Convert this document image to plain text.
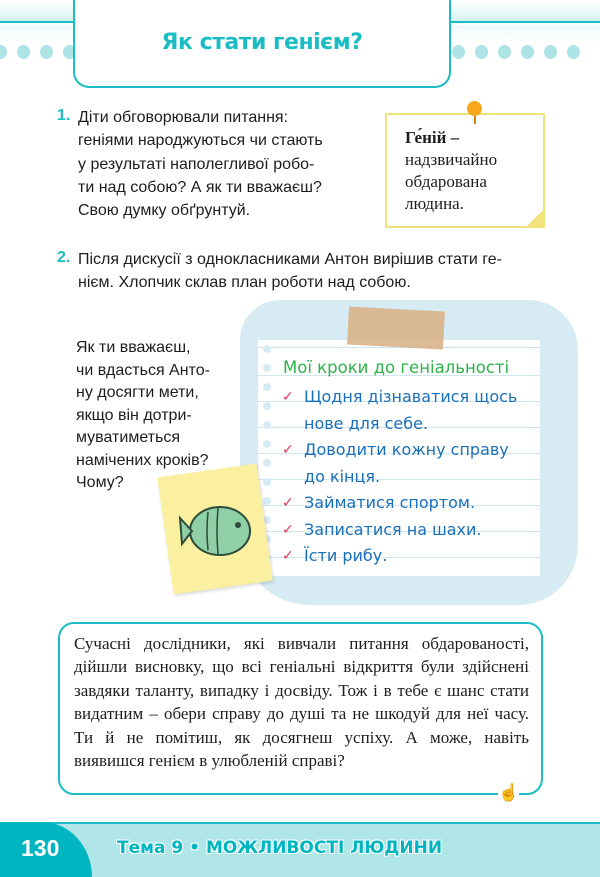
Як стати генієм?
1. Діти обговорювали питання:
геніями народжуються чи стають
у результаті наполегливої робо-
ти над собою? А як ти вважаєш?
Свою думку обґрунтуй.
Ге́ній –
надзвичайно
обдарована
людина.
2. Після дискусії з однокласниками Антон вирішив стати ге-
нієм. Хлопчик склав план роботи над собою.
Як ти вважаєш,
чи вдасться Анто-
ну досягти мети,
якщо він дотри-
муватиметься
намічених кроків?
Чому?
Мої кроки до геніальності
✓ Щодня дізнаватися щось
нове для себе.
✓ Доводити кожну справу
до кінця.
✓ Займатися спортом.
✓ Записатися на шахи.
✓ Їсти рибу.
Сучасні дослідники, які вивчали питання обдарованості, дійшли висновку, що всі геніальні відкриття були здійснені завдяки таланту, випадку і досвіду. Тож і в тебе є шанс стати видатним – обери справу до душі та не шкодуй для неї часу. Ти й не помітиш, як досягнеш успіху. А може, навіть виявишся генієм в улюбленій справі?
☝
130	Тема 9 • МОЖЛИВОСТІ ЛЮДИНИ
